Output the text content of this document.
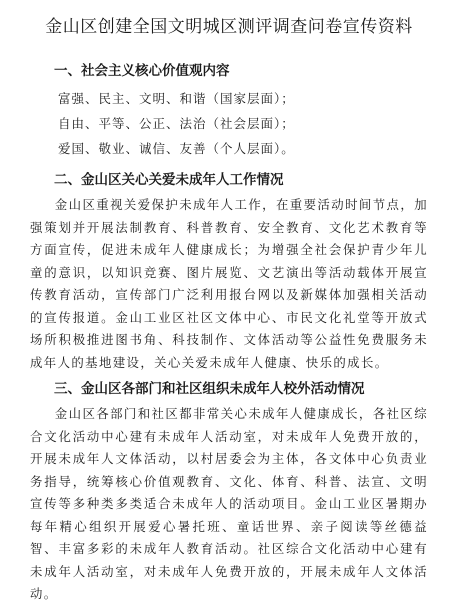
金山区创建全国文明城区测评调查问卷宣传资料
一、社会主义核心价值观内容
富强、民主、文明、和谐（国家层面）；
自由、平等、公正、法治（社会层面）；
爱国、敬业、诚信、友善（个人层面）。
二、金山区关心关爱未成年人工作情况

金山区重视关爱保护未成年人工作，在重要活动时间节点，加强策划并开展法制教育、科普教育、安全教育、文化艺术教育等方面宣传，促进未成年人健康成长；为增强全社会保护青少年儿童的意识，以知识竞赛、图片展览、文艺演出等活动载体开展宣传教育活动，宣传部门广泛利用报台网以及新媒体加强相关活动的宣传报道。金山工业区社区文体中心、市民文化礼堂等开放式场所积极推进图书角、科技制作、文体活动等公益性免费服务未成年人的基地建设，关心关爱未成年人健康、快乐的成长。

三、金山区各部门和社区组织未成年人校外活动情况

金山区各部门和社区都非常关心未成年人健康成长，各社区综合文化活动中心建有未成年人活动室，对未成年人免费开放的，开展未成年人文体活动，以村居委会为主体，各文体中心负责业务指导，统筹核心价值观教育、文化、体育、科普、法宣、文明宣传等多种类多类适合未成年人的活动项目。金山工业区暑期办每年精心组织开展爱心暑托班、童话世界、亲子阅读等丝德益智、丰富多彩的未成年人教育活动。社区综合文化活动中心建有未成年人活动室，对未成年人免费开放的，开展未成年人文体活动。
